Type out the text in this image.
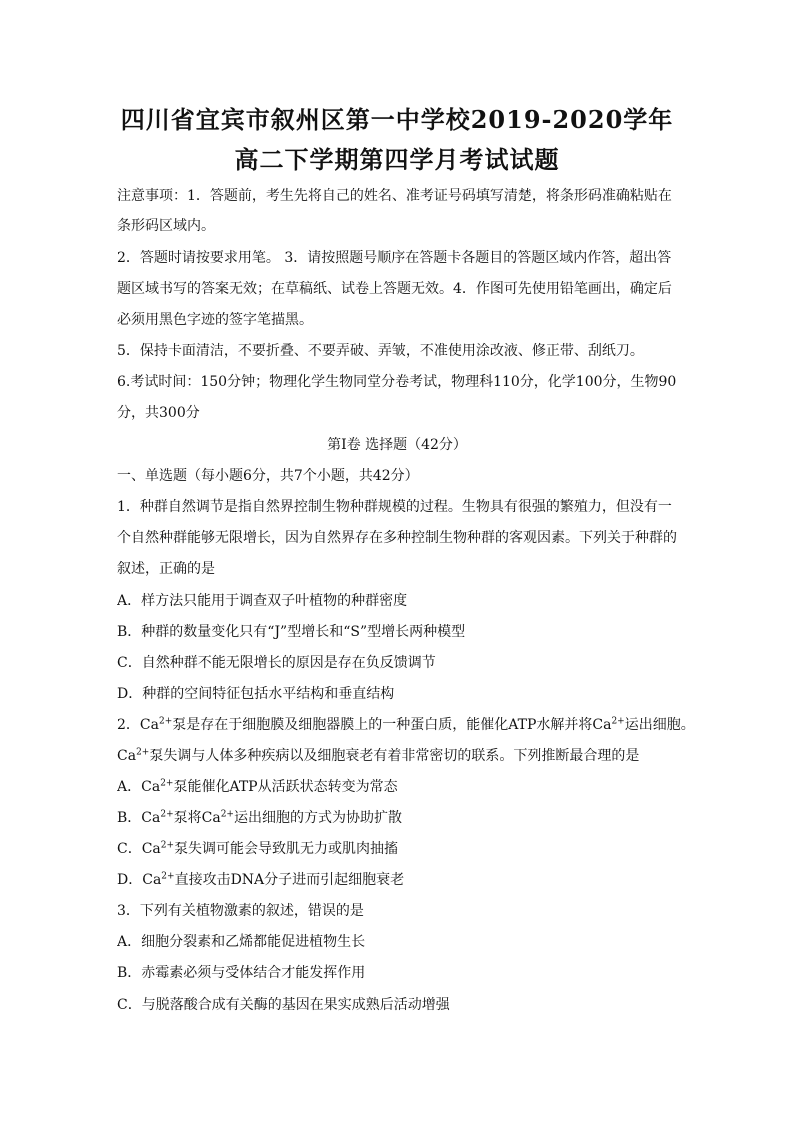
四川省宜宾市叙州区第一中学校2019-2020学年
高二下学期第四学月考试试题
注意事项：1．答题前，考生先将自己的姓名、准考证号码填写清楚，将条形码准确粘贴在
条形码区域内。
2．答题时请按要求用笔。 3．请按照题号顺序在答题卡各题目的答题区域内作答，超出答
题区域书写的答案无效；在草稿纸、试卷上答题无效。4．作图可先使用铅笔画出，确定后
必须用黑色字迹的签字笔描黑。
5．保持卡面清洁，不要折叠、不要弄破、弄皱，不准使用涂改液、修正带、刮纸刀。
6.考试时间：150分钟；物理化学生物同堂分卷考试，物理科110分，化学100分，生物90
分，共300分
第I卷 选择题（42分）
一、单选题（每小题6分，共7个小题，共42分）
1．种群自然调节是指自然界控制生物种群规模的过程。生物具有很强的繁殖力，但没有一
个自然种群能够无限增长，因为自然界存在多种控制生物种群的客观因素。下列关于种群的
叙述，正确的是
A．样方法只能用于调查双子叶植物的种群密度
B．种群的数量变化只有“J”型增长和“S”型增长两种模型
C．自然种群不能无限增长的原因是存在负反馈调节
D．种群的空间特征包括水平结构和垂直结构
2．$Ca^{2+}$泵是存在于细胞膜及细胞器膜上的一种蛋白质，能催化ATP水解并将$Ca^{2+}$运出细胞。
$Ca^{2+}$泵失调与人体多种疾病以及细胞衰老有着非常密切的联系。下列推断最合理的是
A．$Ca^{2+}$泵能催化ATP从活跃状态转变为常态
B．$Ca^{2+}$泵将$Ca^{2+}$运出细胞的方式为协助扩散
C．$Ca^{2+}$泵失调可能会导致肌无力或肌肉抽搐
D．$Ca^{2+}$直接攻击DNA分子进而引起细胞衰老
3．下列有关植物激素的叙述，错误的是
A．细胞分裂素和乙烯都能促进植物生长
B．赤霉素必须与受体结合才能发挥作用
C．与脱落酸合成有关酶的基因在果实成熟后活动增强
